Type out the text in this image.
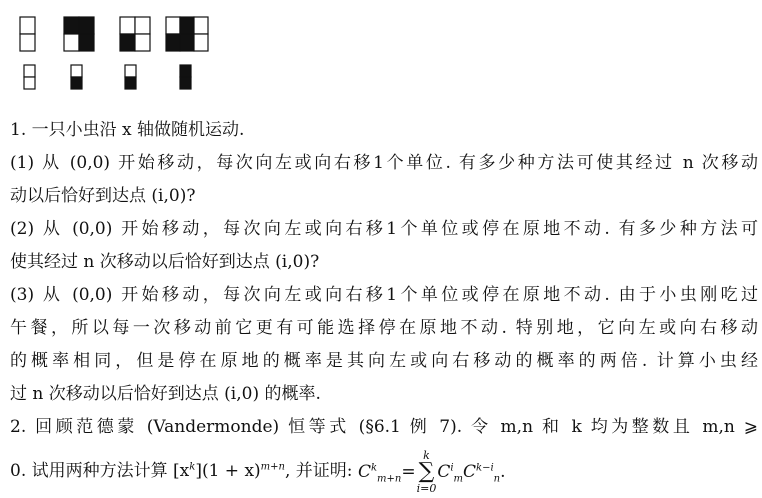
1. 一只小虫沿 x 轴做随机运动.
(1) 从 (0,0) 开始移动，每次向左或向右移1个单位. 有多少种方法可使其经过 n 次移动
动以后恰好到达点 (i,0)?
(2) 从 (0,0) 开始移动，每次向左或向右移1个单位或停在原地不动. 有多少种方法可
使其经过 n 次移动以后恰好到达点 (i,0)?
(3) 从 (0,0) 开始移动，每次向左或向右移1个单位或停在原地不动. 由于小虫刚吃过
午餐，所以每一次移动前它更有可能选择停在原地不动. 特别地，它向左或向右移动
的概率相同，但是停在原地的概率是其向左或向右移动的概率的两倍. 计算小虫经
过 n 次移动以后恰好到达点 (i,0) 的概率.
2. 回顾范德蒙 (Vandermonde) 恒等式 (§6.1 例 7). 令 m,n 和 k 均为整数且 m,n ⩾
0. 试用两种方法计算 $[x^k](1 + x)^{m+n}$, 并证明: $C^k_{m+n}=$
k
∑
i=0
$C^i_mC^{k-i}_n$.
